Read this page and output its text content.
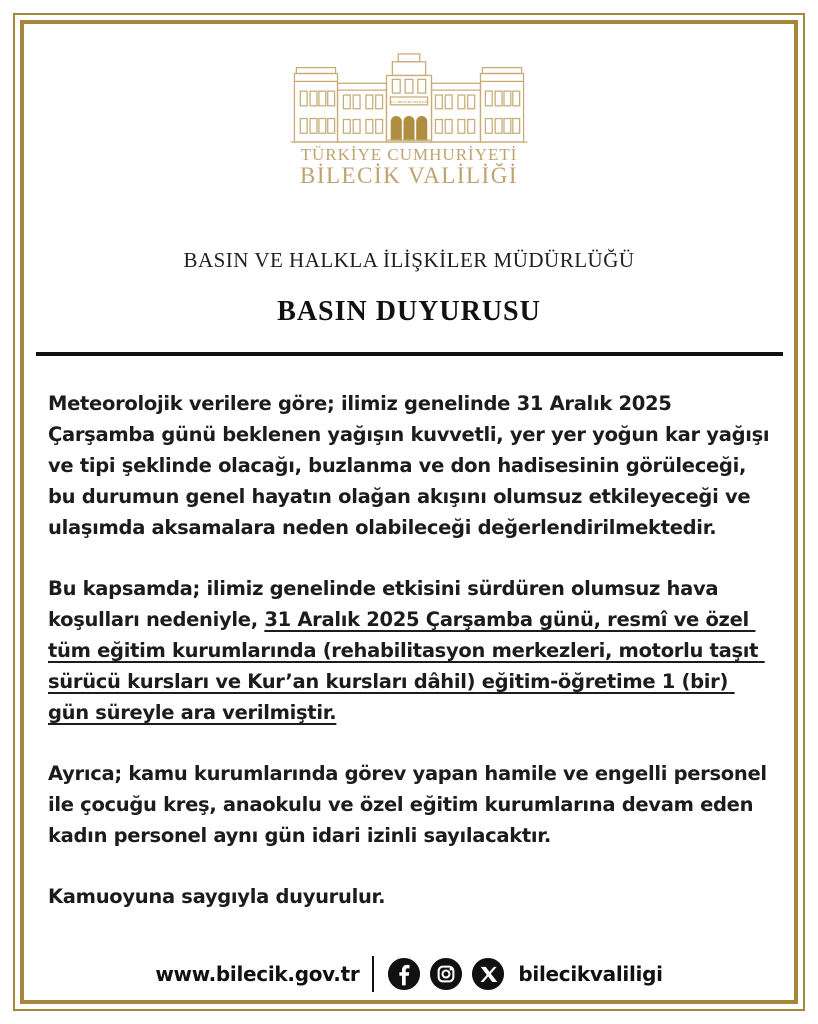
T.C. BİLECİK VALİLİĞİ
TÜRKİYE CUMHURİYETİ
BİLECİK VALİLİĞİ
BASIN VE HALKLA İLİŞKİLER MÜDÜRLÜĞÜ
BASIN DUYURUSU

Meteorolojik verilere göre; ilimiz genelinde 31 Aralık 2025 Çarşamba günü beklenen yağışın kuvvetli, yer yer yoğun kar yağışı ve tipi şeklinde olacağı, buzlanma ve don hadisesinin görüleceği, bu durumun genel hayatın olağan akışını olumsuz etkileyeceği ve ulaşımda aksamalara neden olabileceği değerlendirilmektedir.

Bu kapsamda; ilimiz genelinde etkisini sürdüren olumsuz hava koşulları nedeniyle, 31 Aralık 2025 Çarşamba günü, resmî ve özel tüm eğitim kurumlarında (rehabilitasyon merkezleri, motorlu taşıt sürücü kursları ve Kur’an kursları dâhil) eğitim-öğretime 1 (bir) gün süreyle ara verilmiştir.

Ayrıca; kamu kurumlarında görev yapan hamile ve engelli personel ile çocuğu kreş, anaokulu ve özel eğitim kurumlarına devam eden kadın personel aynı gün idari izinli sayılacaktır.

Kamuoyuna saygıyla duyurulur.

www.bilecik.gov.tr	bilecikvaliligi
